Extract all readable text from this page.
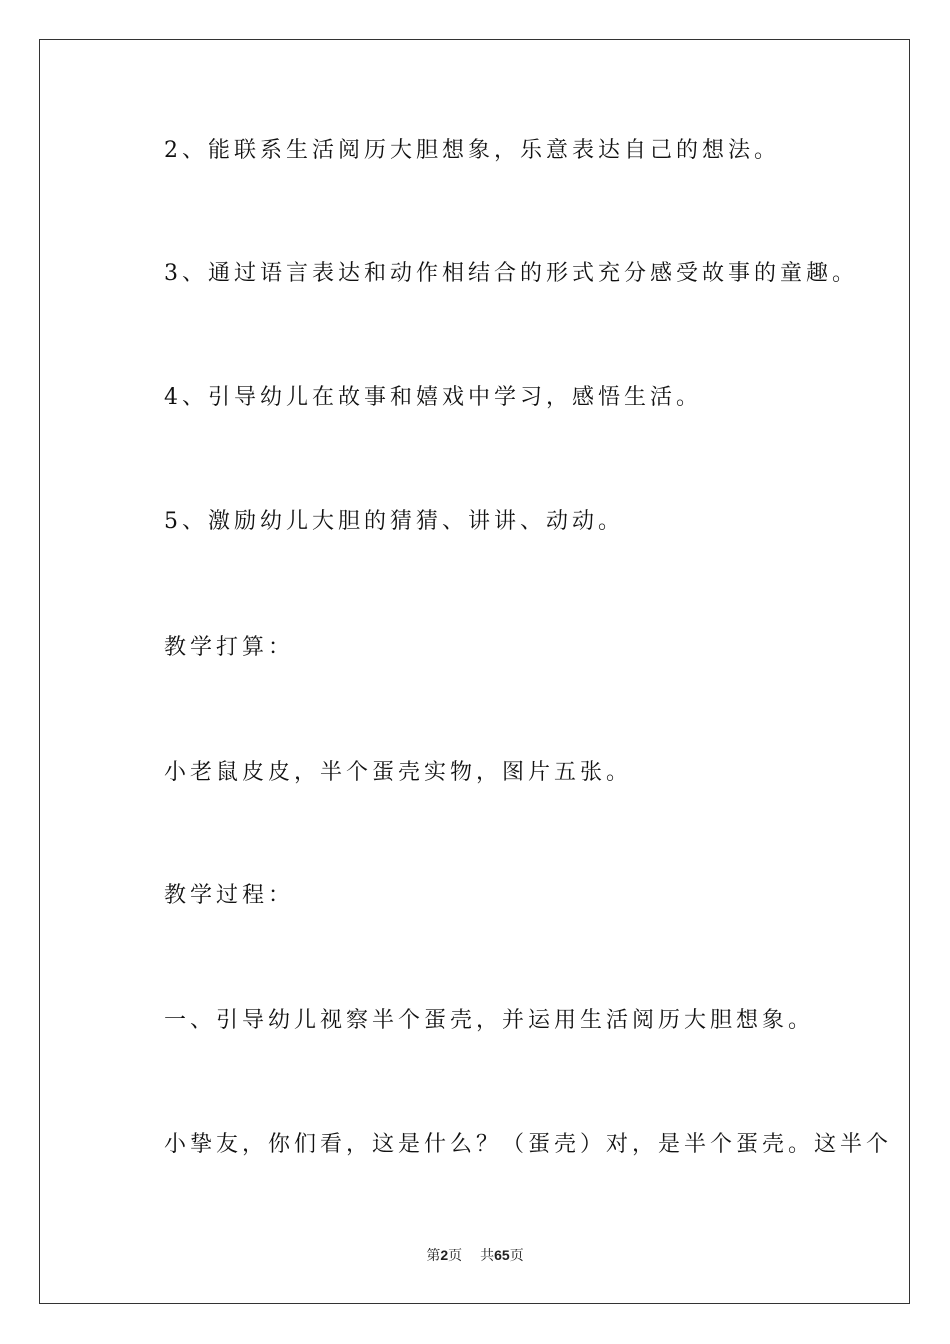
2、能联系生活阅历大胆想象，乐意表达自己的想法。
3、通过语言表达和动作相结合的形式充分感受故事的童趣。
4、引导幼儿在故事和嬉戏中学习，感悟生活。
5、激励幼儿大胆的猜猜、讲讲、动动。
教学打算：
小老鼠皮皮，半个蛋壳实物，图片五张。
教学过程：
一、引导幼儿视察半个蛋壳，并运用生活阅历大胆想象。
小挚友，你们看，这是什么？（蛋壳）对，是半个蛋壳。这半个
第2页 共65页
